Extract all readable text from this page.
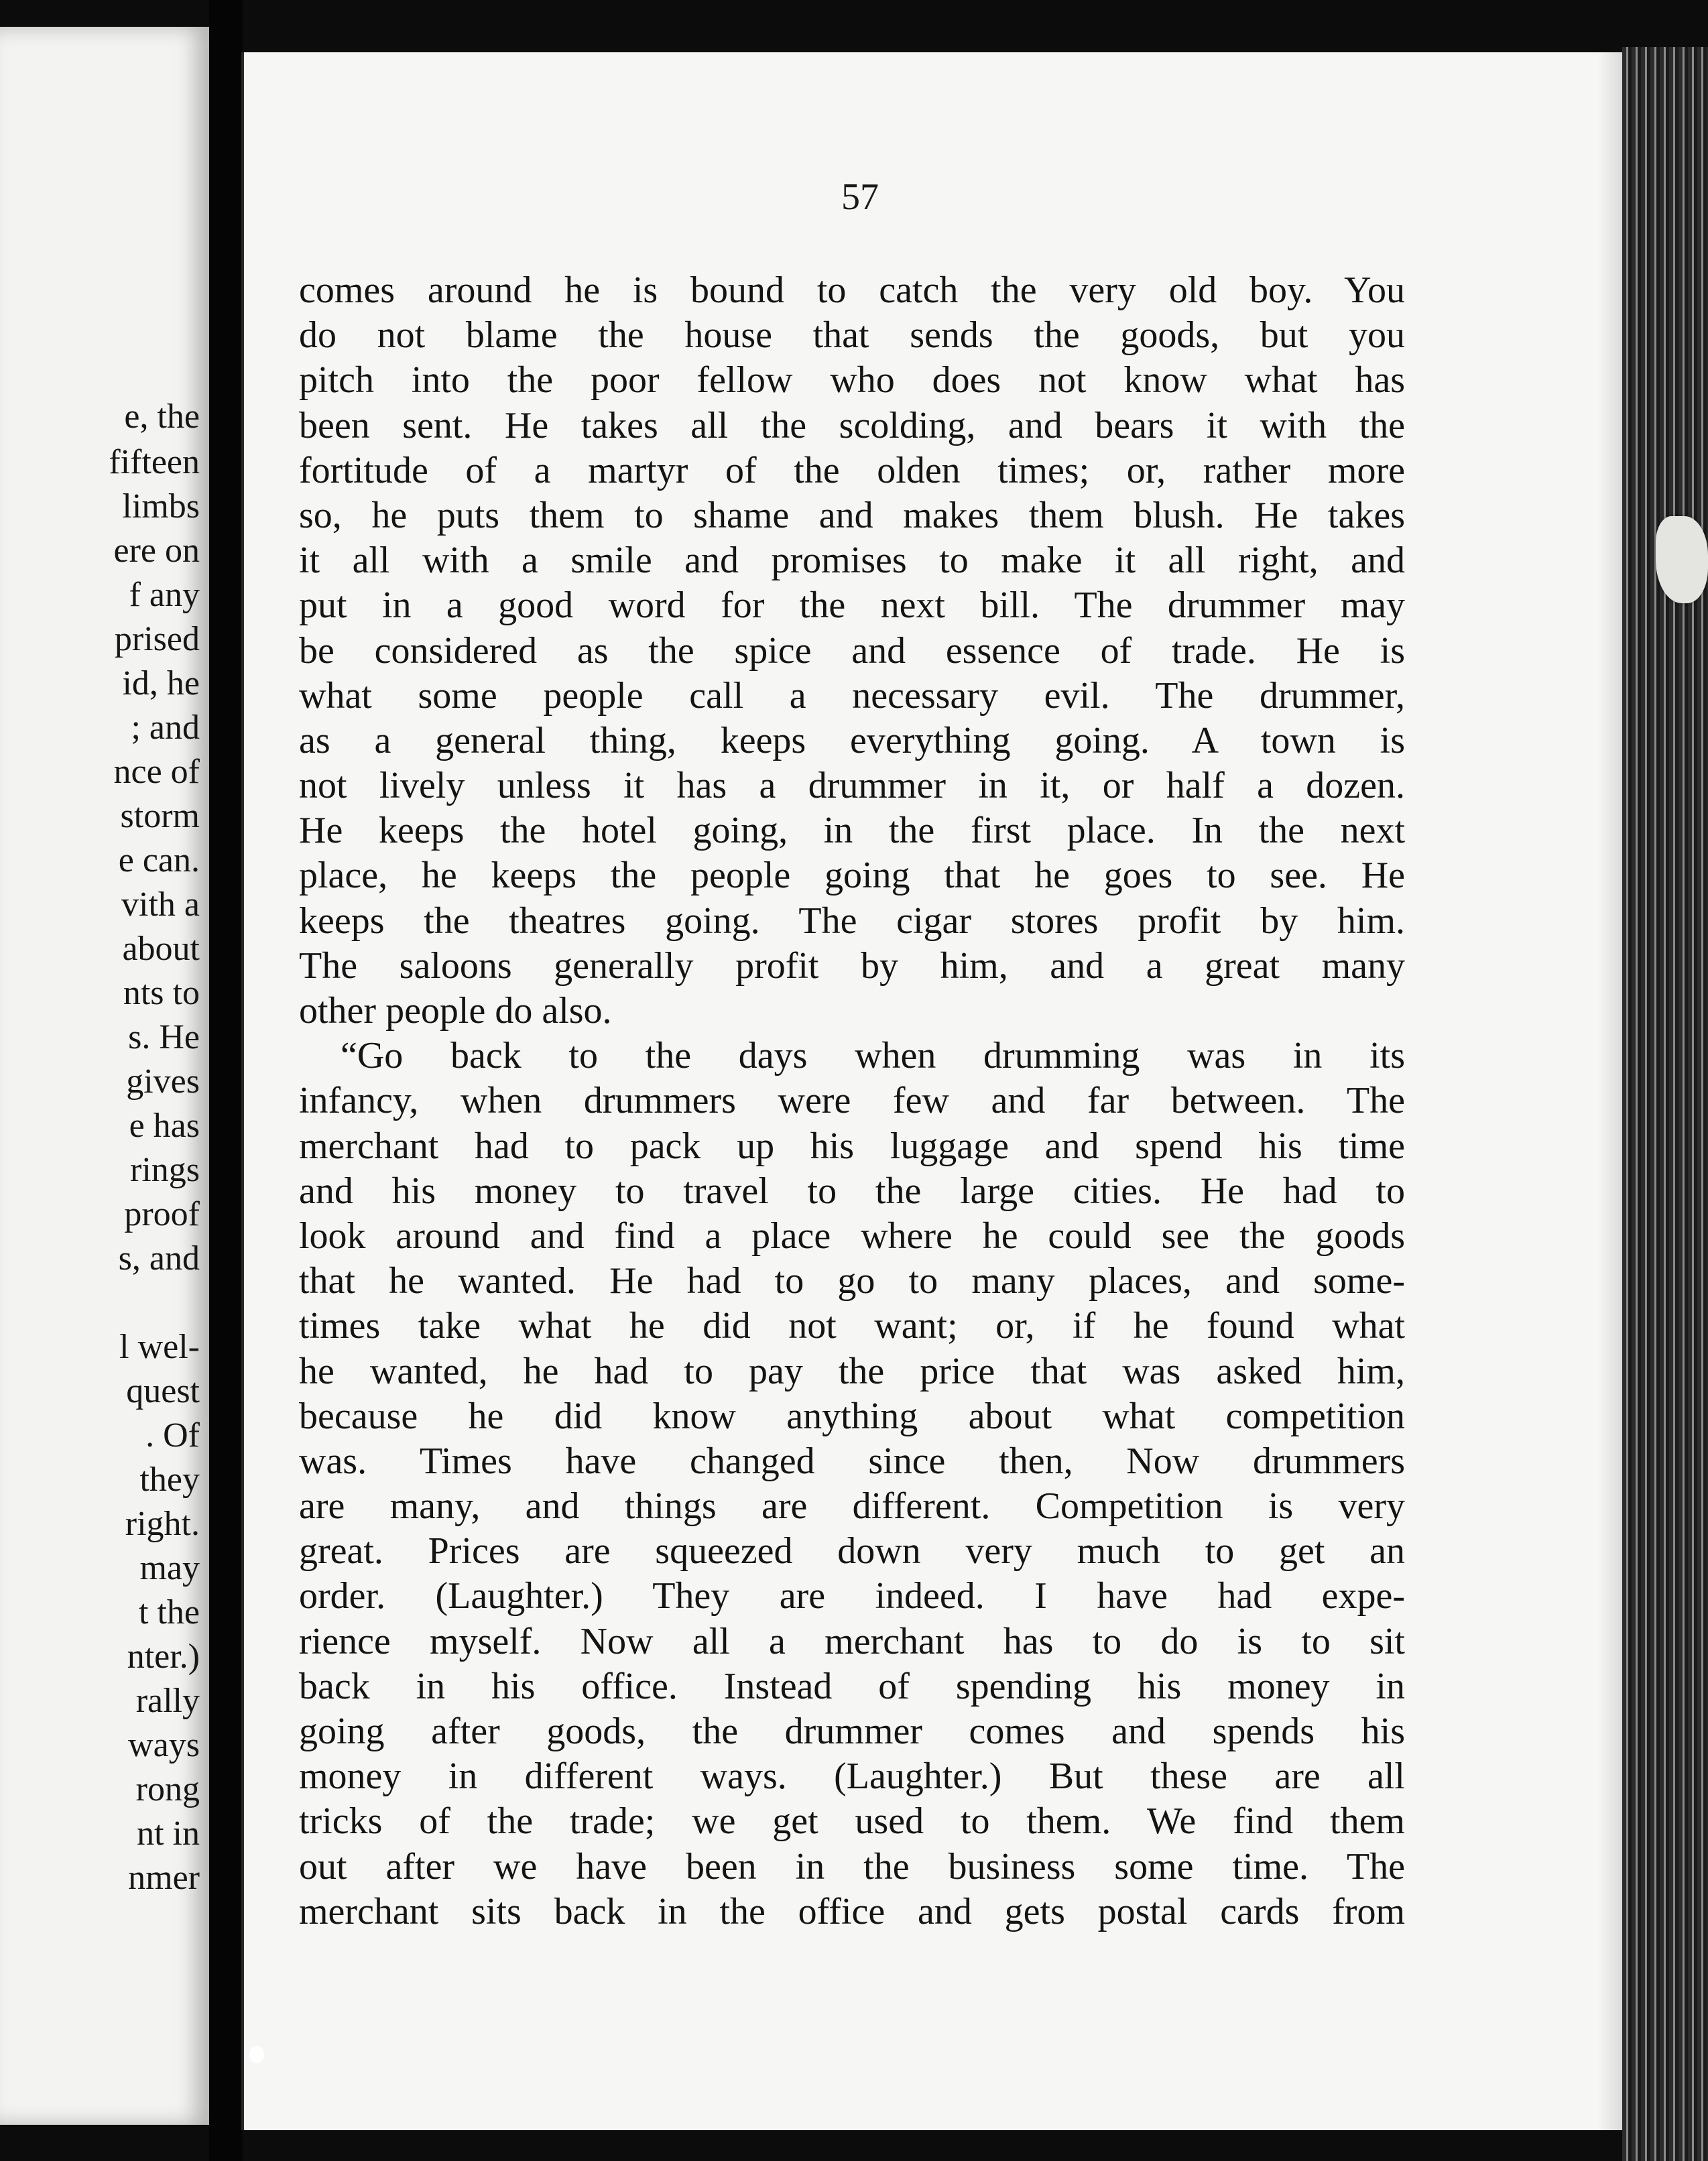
e, the
fifteen
limbs
ere on
f any
prised
id, he
; and
nce of
storm
e can.
vith a
about
nts to
s. He
gives
e has
rings
proof
s, and
l wel-
quest
. Of
they
right.
may
t the
nter.)
rally
ways
rong
nt in
nmer
57
comes around he is bound to catch the very old boy. You
do not blame the house that sends the goods, but you
pitch into the poor fellow who does not know what has
been sent. He takes all the scolding, and bears it with the
fortitude of a martyr of the olden times; or, rather more
so, he puts them to shame and makes them blush. He takes
it all with a smile and promises to make it all right, and
put in a good word for the next bill. The drummer may
be considered as the spice and essence of trade. He is
what some people call a necessary evil. The drummer,
as a general thing, keeps everything going. A town is
not lively unless it has a drummer in it, or half a dozen.
He keeps the hotel going, in the first place. In the next
place, he keeps the people going that he goes to see. He
keeps the theatres going. The cigar stores profit by him.
The saloons generally profit by him, and a great many
other people do also.
“Go back to the days when drumming was in its
infancy, when drummers were few and far between. The
merchant had to pack up his luggage and spend his time
and his money to travel to the large cities. He had to
look around and find a place where he could see the goods
that he wanted. He had to go to many places, and some-
times take what he did not want; or, if he found what
he wanted, he had to pay the price that was asked him,
because he did know anything about what competition
was. Times have changed since then, Now drummers
are many, and things are different. Competition is very
great. Prices are squeezed down very much to get an
order. (Laughter.) They are indeed. I have had expe-
rience myself. Now all a merchant has to do is to sit
back in his office. Instead of spending his money in
going after goods, the drummer comes and spends his
money in different ways. (Laughter.) But these are all
tricks of the trade; we get used to them. We find them
out after we have been in the business some time. The
merchant sits back in the office and gets postal cards from
